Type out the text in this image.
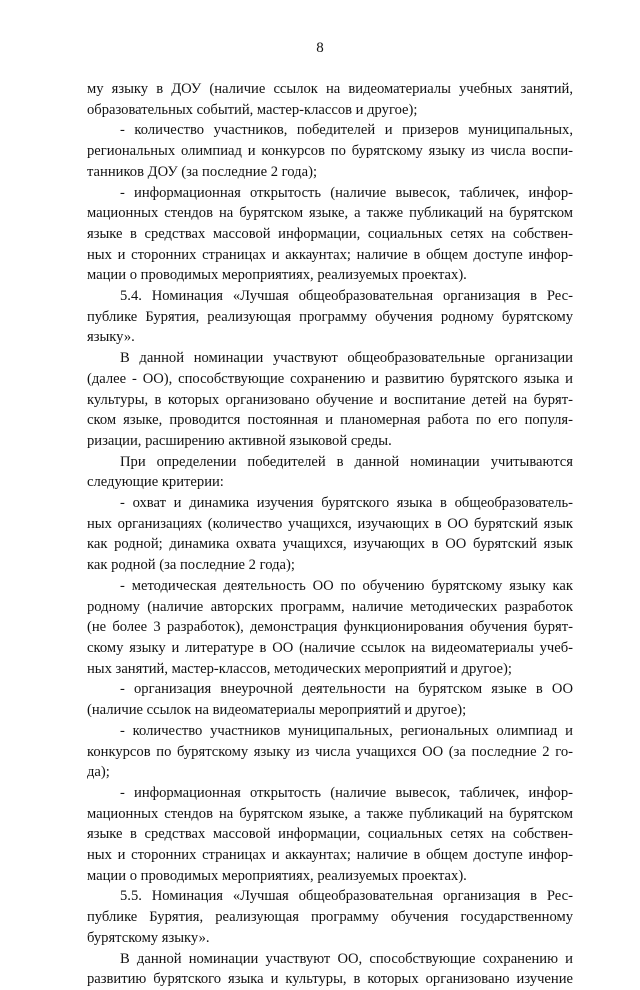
8
му языку в ДОУ (наличие ссылок на видеоматериалы учебных занятий,
образовательных событий, мастер-классов и другое);
- количество участников, победителей и призеров муниципальных,
региональных олимпиад и конкурсов по бурятскому языку из числа воспи-
танников ДОУ (за последние 2 года);
- информационная открытость (наличие вывесок, табличек, инфор-
мационных стендов на бурятском языке, а также публикаций на бурятском
языке в средствах массовой информации, социальных сетях на собствен-
ных и сторонних страницах и аккаунтах; наличие в общем доступе инфор-
мации о проводимых мероприятиях, реализуемых проектах).
5.4. Номинация «Лучшая общеобразовательная организация в Рес-
публике Бурятия, реализующая программу обучения родному бурятскому
языку».
В данной номинации участвуют общеобразовательные организации
(далее - ОО), способствующие сохранению и развитию бурятского языка и
культуры, в которых организовано обучение и воспитание детей на бурят-
ском языке, проводится постоянная и планомерная работа по его популя-
ризации, расширению активной языковой среды.
При определении победителей в данной номинации учитываются
следующие критерии:
- охват и динамика изучения бурятского языка в общеобразователь-
ных организациях (количество учащихся, изучающих в ОО бурятский язык
как родной; динамика охвата учащихся, изучающих в ОО бурятский язык
как родной (за последние 2 года);
- методическая деятельность ОО по обучению бурятскому языку как
родному (наличие авторских программ, наличие методических разработок
(не более 3 разработок), демонстрация функционирования обучения бурят-
скому языку и литературе в ОО (наличие ссылок на видеоматериалы учеб-
ных занятий, мастер-классов, методических мероприятий и другое);
- организация внеурочной деятельности на бурятском языке в ОО
(наличие ссылок на видеоматериалы мероприятий и другое);
- количество участников муниципальных, региональных олимпиад и
конкурсов по бурятскому языку из числа учащихся ОО (за последние 2 го-
да);
- информационная открытость (наличие вывесок, табличек, инфор-
мационных стендов на бурятском языке, а также публикаций на бурятском
языке в средствах массовой информации, социальных сетях на собствен-
ных и сторонних страницах и аккаунтах; наличие в общем доступе инфор-
мации о проводимых мероприятиях, реализуемых проектах).
5.5. Номинация «Лучшая общеобразовательная организация в Рес-
публике Бурятия, реализующая программу обучения государственному
бурятскому языку».
В данной номинации участвуют ОО, способствующие сохранению и
развитию бурятского языка и культуры, в которых организовано изучение
